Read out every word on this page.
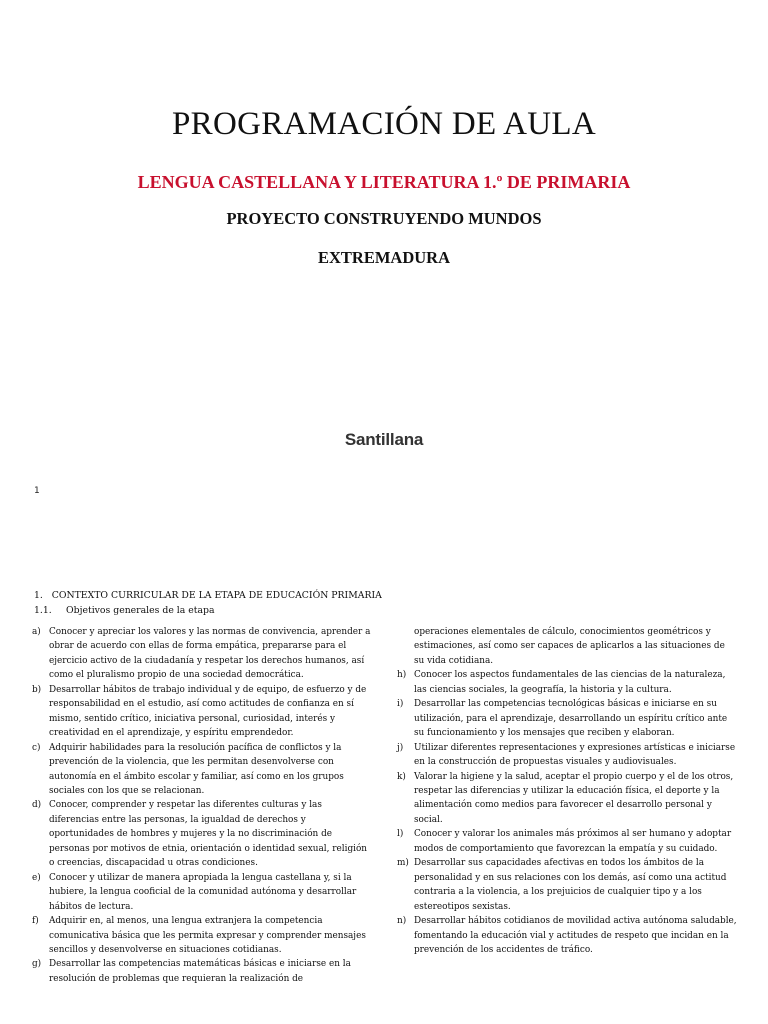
PROGRAMACIÓN DE AULA
LENGUA CASTELLANA Y LITERATURA 1.º DE PRIMARIA
PROYECTO CONSTRUYENDO MUNDOS
EXTREMADURA
Santillana
1
1.   CONTEXTO CURRICULAR DE LA ETAPA DE EDUCACIÓN PRIMARIA
1.1. Objetivos generales de la etapa
a) Conocer y apreciar los valores y las normas de convivencia, aprender a obrar de acuerdo con ellas de forma empática, prepararse para el ejercicio activo de la ciudadanía y respetar los derechos humanos, así como el pluralismo propio de una sociedad democrática.
b) Desarrollar hábitos de trabajo individual y de equipo, de esfuerzo y de responsabilidad en el estudio, así como actitudes de confianza en sí mismo, sentido crítico, iniciativa personal, curiosidad, interés y creatividad en el aprendizaje, y espíritu emprendedor.
c) Adquirir habilidades para la resolución pacífica de conflictos y la prevención de la violencia, que les permitan desenvolverse con autonomía en el ámbito escolar y familiar, así como en los grupos sociales con los que se relacionan.
d) Conocer, comprender y respetar las diferentes culturas y las diferencias entre las personas, la igualdad de derechos y oportunidades de hombres y mujeres y la no discriminación de personas por motivos de etnia, orientación o identidad sexual, religión o creencias, discapacidad u otras condiciones.
e) Conocer y utilizar de manera apropiada la lengua castellana y, si la hubiere, la lengua cooficial de la comunidad autónoma y desarrollar hábitos de lectura.
f) Adquirir en, al menos, una lengua extranjera la competencia comunicativa básica que les permita expresar y comprender mensajes sencillos y desenvolverse en situaciones cotidianas.
g) Desarrollar las competencias matemáticas básicas e iniciarse en la resolución de problemas que requieran la realización de
operaciones elementales de cálculo, conocimientos geométricos y estimaciones, así como ser capaces de aplicarlos a las situaciones de su vida cotidiana.
h) Conocer los aspectos fundamentales de las ciencias de la naturaleza, las ciencias sociales, la geografía, la historia y la cultura.
i) Desarrollar las competencias tecnológicas básicas e iniciarse en su utilización, para el aprendizaje, desarrollando un espíritu crítico ante su funcionamiento y los mensajes que reciben y elaboran.
j) Utilizar diferentes representaciones y expresiones artísticas e iniciarse en la construcción de propuestas visuales y audiovisuales.
k) Valorar la higiene y la salud, aceptar el propio cuerpo y el de los otros, respetar las diferencias y utilizar la educación física, el deporte y la alimentación como medios para favorecer el desarrollo personal y social.
l) Conocer y valorar los animales más próximos al ser humano y adoptar modos de comportamiento que favorezcan la empatía y su cuidado.
m) Desarrollar sus capacidades afectivas en todos los ámbitos de la personalidad y en sus relaciones con los demás, así como una actitud contraria a la violencia, a los prejuicios de cualquier tipo y a los estereotipos sexistas.
n) Desarrollar hábitos cotidianos de movilidad activa autónoma saludable, fomentando la educación vial y actitudes de respeto que incidan en la prevención de los accidentes de tráfico.
